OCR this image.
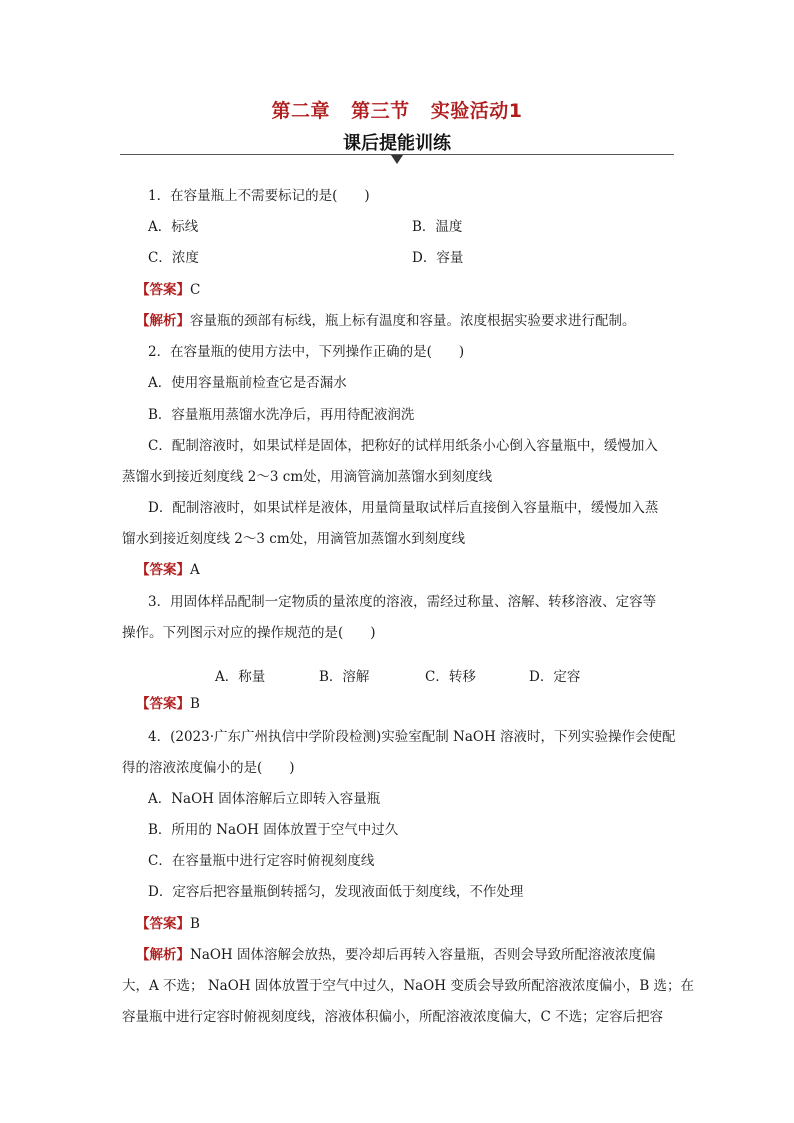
第二章 第三节 实验活动1
课后提能训练
1．在容量瓶上不需要标记的是(　　)
A．标线	B．温度
C．浓度	D．容量
【答案】C
【解析】容量瓶的颈部有标线，瓶上标有温度和容量。浓度根据实验要求进行配制。
2．在容量瓶的使用方法中，下列操作正确的是(　　)
A．使用容量瓶前检查它是否漏水
B．容量瓶用蒸馏水洗净后，再用待配液润洗
C．配制溶液时，如果试样是固体，把称好的试样用纸条小心倒入容量瓶中，缓慢加入
蒸馏水到接近刻度线 2～3 cm处，用滴管滴加蒸馏水到刻度线
D．配制溶液时，如果试样是液体，用量筒量取试样后直接倒入容量瓶中，缓慢加入蒸
馏水到接近刻度线 2～3 cm处，用滴管加蒸馏水到刻度线
【答案】A
3．用固体样品配制一定物质的量浓度的溶液，需经过称量、溶解、转移溶液、定容等
操作。下列图示对应的操作规范的是(　　)
A．称量	B．溶解	C．转移	D．定容
【答案】B
4．(2023·广东广州执信中学阶段检测)实验室配制 NaOH 溶液时，下列实验操作会使配
得的溶液浓度偏小的是(　　)
A．NaOH 固体溶解后立即转入容量瓶
B．所用的 NaOH 固体放置于空气中过久
C．在容量瓶中进行定容时俯视刻度线
D．定容后把容量瓶倒转摇匀，发现液面低于刻度线，不作处理
【答案】B
【解析】NaOH 固体溶解会放热，要冷却后再转入容量瓶，否则会导致所配溶液浓度偏
大，A 不选； NaOH 固体放置于空气中过久，NaOH 变质会导致所配溶液浓度偏小，B 选；在
容量瓶中进行定容时俯视刻度线，溶液体积偏小，所配溶液浓度偏大，C 不选；定容后把容
